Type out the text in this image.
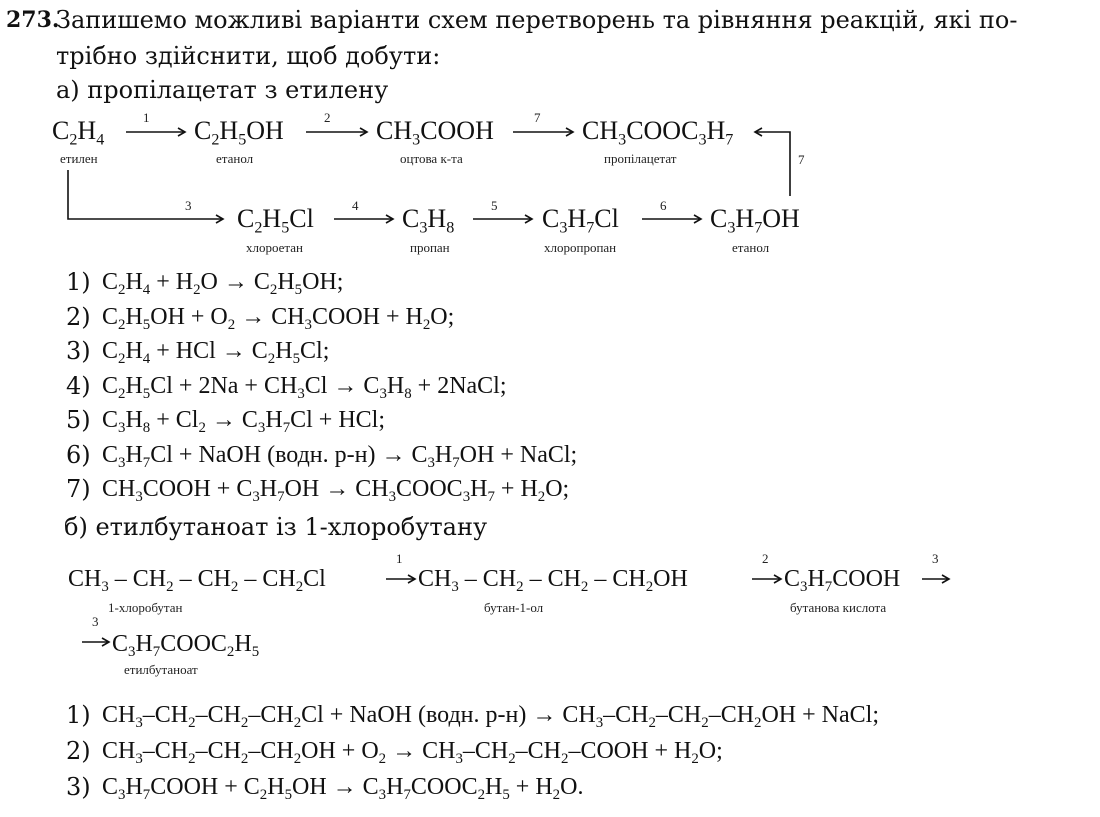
273.
Запишемо можливі варіанти схем перетворень та рівняння реакцій, які по-
трібно здійснити, щоб добути:
а) пропілацетат з етилену
$C_2H_4$	$C_2H_5OH$	$CH_3COOH$	$CH_3COOC_3H_7$
етилен	етанол	оцтова к-та	пропілацетат
$C_2H_5Cl$	$C_3H_8$	$C_3H_7Cl$	$C_3H_7OH$
хлороетан	пропан	хлоропропан	етанол
1	2	7
7
3	4	5	6
1) $C_2H_4 + H_2O \to C_2H_5OH$;
2) $C_2H_5OH + O_2$ → $CH_3COOH + H_2O$;
3) $C_2H_4$ + HCl → $C_2H_5Cl$;
4) $C_2H_5Cl + 2Na + CH_3Cl \to C_3H_8$ + 2NaCl;
5) $C_3H_8 + Cl_2 \to C_3H_7Cl$ + HCl;
6) $C_3H_7Cl$ + NaOH (водн. $р-н) \to C_3H_7OH$ + NaCl;
7) $CH_3COOH + C_3H_7OH$ → $CH_3COOC_3H_7 + H_2O$;
б) етилбутаноат із 1-хлоробутану
$CH_3 - CH_2 - CH_2 - CH_2Cl$	$CH_3 - CH_2 - CH_2 - CH_2OH$	$C_3H_7COOH$
$C_3H_7COOC_2H_5$
1-хлоробутан	бутан-1-ол	бутанова кислота
етилбутаноат
1	2	3
3
1) $CH_3-CH_2-CH_2-CH_2Cl$ + NaOH (водн. $р-н) \to CH_3-CH_2-CH_2-CH_2OH$ + NaCl;
2) $CH_3-CH_2-CH_2-CH_2OH + O_2$ → $CH_3-CH_2-CH_2$–COOH + $H_2O$;
3) $C_3H_7COOH + C_2H_5OH$ → $C_3H_7COOC_2H_5 + H_2O$.
